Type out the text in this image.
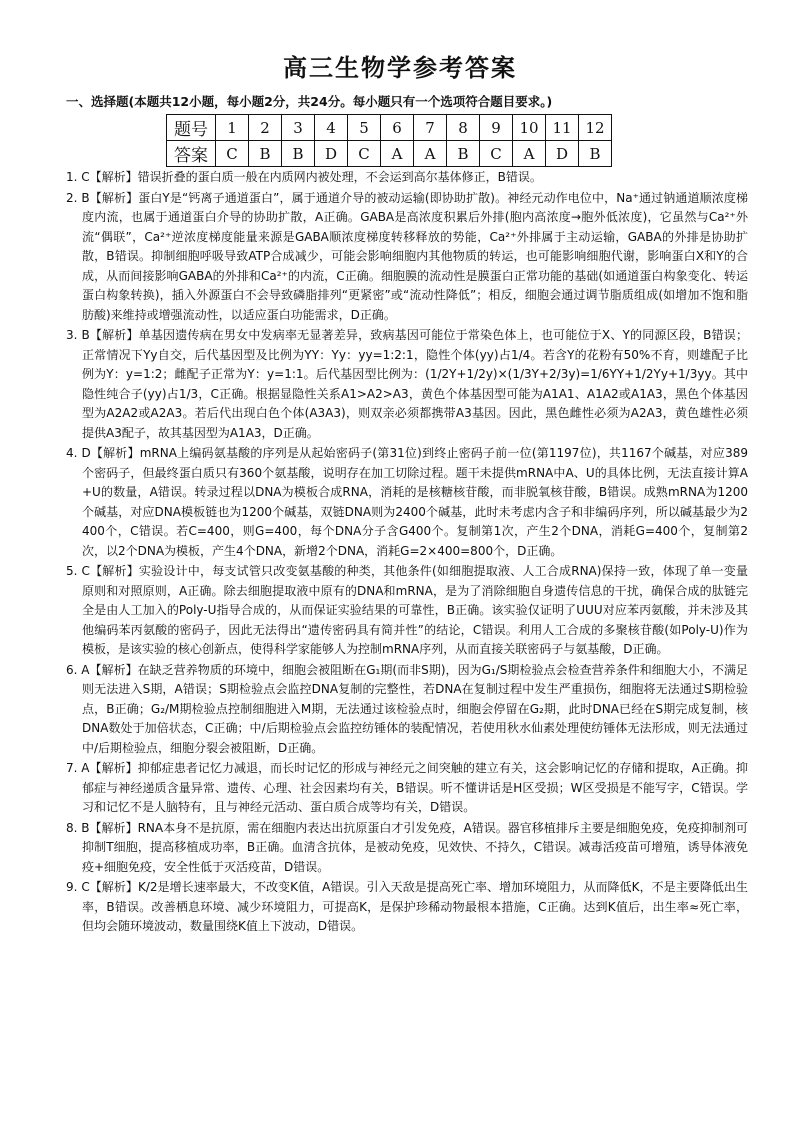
高三生物学参考答案
一、选择题(本题共12小题，每小题2分，共24分。每小题只有一个选项符合题目要求。)
题号	1	2	3	4	5	6	7	8	9	10	11	12
答案	C	B	B	D	C	A	A	B	C	A	D	B

1. C【解析】错误折叠的蛋白质一般在内质网内被处理，不会运到高尔基体修正，B错误。

2. B【解析】蛋白Y是“钙离子通道蛋白”，属于通道介导的被动运输(即协助扩散)。神经元动作电位中，Na⁺通过钠通道顺浓度梯度内流，也属于通道蛋白介导的协助扩散，A正确。GABA是高浓度积累后外排(胞内高浓度→胞外低浓度)，它虽然与Ca²⁺外流“偶联”，Ca²⁺逆浓度梯度能量来源是GABA顺浓度梯度转移释放的势能，Ca²⁺外排属于主动运输，GABA的外排是协助扩散，B错误。抑制细胞呼吸导致ATP合成减少，可能会影响细胞内其他物质的转运，也可能影响细胞代谢，影响蛋白X和Y的合成，从而间接影响GABA的外排和Ca²⁺的内流，C正确。细胞膜的流动性是膜蛋白正常功能的基础(如通道蛋白构象变化、转运蛋白构象转换)，插入外源蛋白不会导致磷脂排列“更紧密”或“流动性降低”；相反，细胞会通过调节脂质组成(如增加不饱和脂肪酸)来维持或增强流动性，以适应蛋白功能需求，D正确。

3. B【解析】单基因遗传病在男女中发病率无显著差异，致病基因可能位于常染色体上，也可能位于X、Y的同源区段，B错误；正常情况下Yy自交，后代基因型及比例为YY：Yy：yy=1:2:1，隐性个体(yy)占1/4。若含Y的花粉有50%不育，则雄配子比例为Y：y=1:2；雌配子正常为Y：y=1:1。后代基因型比例为：(1/2Y+1/2y)×(1/3Y+2/3y)=1/6YY+1/2Yy+1/3yy。其中隐性纯合子(yy)占1/3，C正确。根据显隐性关系A1>A2>A3，黄色个体基因型可能为A1A1、A1A2或A1A3，黑色个体基因型为A2A2或A2A3。若后代出现白色个体(A3A3)，则双亲必须都携带A3基因。因此，黑色雌性必须为A2A3，黄色雄性必须提供A3配子，故其基因型为A1A3，D正确。

4. D【解析】mRNA上编码氨基酸的序列是从起始密码子(第31位)到终止密码子前一位(第1197位)，共1167个碱基，对应389个密码子，但最终蛋白质只有360个氨基酸，说明存在加工切除过程。题干未提供mRNA中A、U的具体比例，无法直接计算A+U的数量，A错误。转录过程以DNA为模板合成RNA，消耗的是核糖核苷酸，而非脱氧核苷酸，B错误。成熟mRNA为1200个碱基，对应DNA模板链也为1200个碱基，双链DNA则为2400个碱基，此时未考虑内含子和非编码序列，所以碱基最少为2400个，C错误。若C=400，则G=400，每个DNA分子含G400个。复制第1次，产生2个DNA，消耗G=400个，复制第2次，以2个DNA为模板，产生4个DNA，新增2个DNA，消耗G=2×400=800个，D正确。

5. C【解析】实验设计中，每支试管只改变氨基酸的种类，其他条件(如细胞提取液、人工合成RNA)保持一致，体现了单一变量原则和对照原则，A正确。除去细胞提取液中原有的DNA和mRNA，是为了消除细胞自身遗传信息的干扰，确保合成的肽链完全是由人工加入的Poly-U指导合成的，从而保证实验结果的可靠性，B正确。该实验仅证明了UUU对应苯丙氨酸，并未涉及其他编码苯丙氨酸的密码子，因此无法得出“遗传密码具有简并性”的结论，C错误。利用人工合成的多聚核苷酸(如Poly-U)作为模板，是该实验的核心创新点，使得科学家能够人为控制mRNA序列，从而直接关联密码子与氨基酸，D正确。

6. A【解析】在缺乏营养物质的环境中，细胞会被阻断在G₁期(而非S期)，因为G₁/S期检验点会检查营养条件和细胞大小，不满足则无法进入S期，A错误；S期检验点会监控DNA复制的完整性，若DNA在复制过程中发生严重损伤，细胞将无法通过S期检验点，B正确；G₂/M期检验点控制细胞进入M期，无法通过该检验点时，细胞会停留在G₂期，此时DNA已经在S期完成复制，核DNA数处于加倍状态，C正确；中/后期检验点会监控纺锤体的装配情况，若使用秋水仙素处理使纺锤体无法形成，则无法通过中/后期检验点，细胞分裂会被阻断，D正确。

7. A【解析】抑郁症患者记忆力减退，而长时记忆的形成与神经元之间突触的建立有关，这会影响记忆的存储和提取，A正确。抑郁症与神经递质含量异常、遗传、心理、社会因素均有关，B错误。听不懂讲话是H区受损；W区受损是不能写字，C错误。学习和记忆不是人脑特有，且与神经元活动、蛋白质合成等均有关，D错误。

8. B【解析】RNA本身不是抗原，需在细胞内表达出抗原蛋白才引发免疫，A错误。器官移植排斥主要是细胞免疫，免疫抑制剂可抑制T细胞，提高移植成功率，B正确。血清含抗体，是被动免疫，见效快、不持久，C错误。减毒活疫苗可增殖，诱导体液免疫+细胞免疫，安全性低于灭活疫苗，D错误。

9. C【解析】K/2是增长速率最大，不改变K值，A错误。引入天敌是提高死亡率、增加环境阻力，从而降低K，不是主要降低出生率，B错误。改善栖息环境、减少环境阻力，可提高K，是保护珍稀动物最根本措施，C正确。达到K值后，出生率≈死亡率，但均会随环境波动，数量围绕K值上下波动，D错误。
